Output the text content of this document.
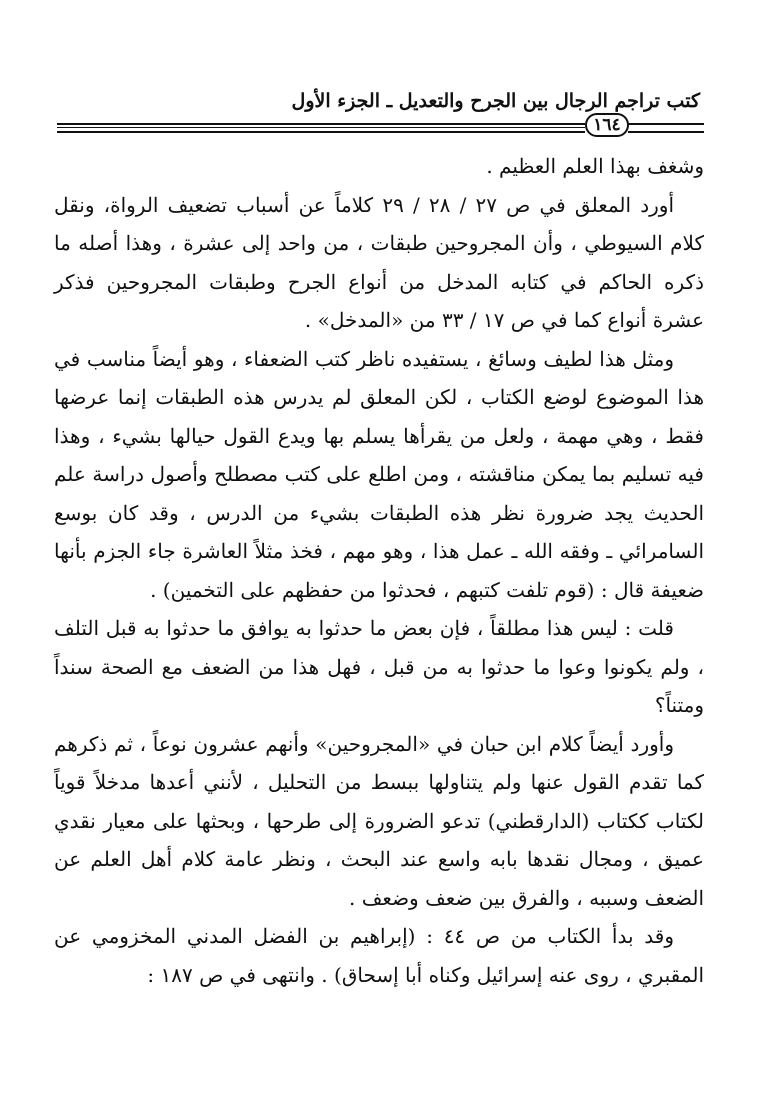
كتب تراجم الرجال بين الجرح والتعديل ـ الجزء الأول
١٦٤

وشغف بهذا العلم العظيم .

أورد المعلق في ص ٢٧ / ٢٨ / ٢٩ كلاماً عن أسباب تضعيف الرواة، ونقل كلام السيوطي ، وأن المجروحين طبقات ، من واحد إلى عشرة ، وهذا أصله ما ذكره الحاكم في كتابه المدخل من أنواع الجرح وطبقات المجروحين فذكر عشرة أنواع كما في ص ١٧ / ٣٣ من «المدخل» .

ومثل هذا لطيف وسائغ ، يستفيده ناظر كتب الضعفاء ، وهو أيضاً مناسب في هذا الموضوع لوضع الكتاب ، لكن المعلق لم يدرس هذه الطبقات إنما عرضها فقط ، وهي مهمة ، ولعل من يقرأها يسلم بها ويدع القول حيالها بشيء ، وهذا فيه تسليم بما يمكن مناقشته ، ومن اطلع على كتب مصطلح وأصول دراسة علم الحديث يجد ضرورة نظر هذه الطبقات بشيء من الدرس ، وقد كان بوسع السامرائي ـ وفقه الله ـ عمل هذا ، وهو مهم ، فخذ مثلاً العاشرة جاء الجزم بأنها ضعيفة قال : (قوم تلفت كتبهم ، فحدثوا من حفظهم على التخمين) .

قلت : ليس هذا مطلقاً ، فإن بعض ما حدثوا به يوافق ما حدثوا به قبل التلف ، ولم يكونوا وعوا ما حدثوا به من قبل ، فهل هذا من الضعف مع الصحة سنداً ومتناً؟

وأورد أيضاً كلام ابن حبان في «المجروحين» وأنهم عشرون نوعاً ، ثم ذكرهم كما تقدم القول عنها ولم يتناولها ببسط من التحليل ، لأنني أعدها مدخلاً قوياً لكتاب ككتاب (الدارقطني) تدعو الضرورة إلى طرحها ، وبحثها على معيار نقدي عميق ، ومجال نقدها بابه واسع عند البحث ، ونظر عامة كلام أهل العلم عن الضعف وسببه ، والفرق بين ضعف وضعف .

وقد بدأ الكتاب من ص ٤٤ : (إبراهيم بن الفضل المدني المخزومي عن المقبري ، روى عنه إسرائيل وكناه أبا إسحاق) . وانتهى في ص ١٨٧ :
